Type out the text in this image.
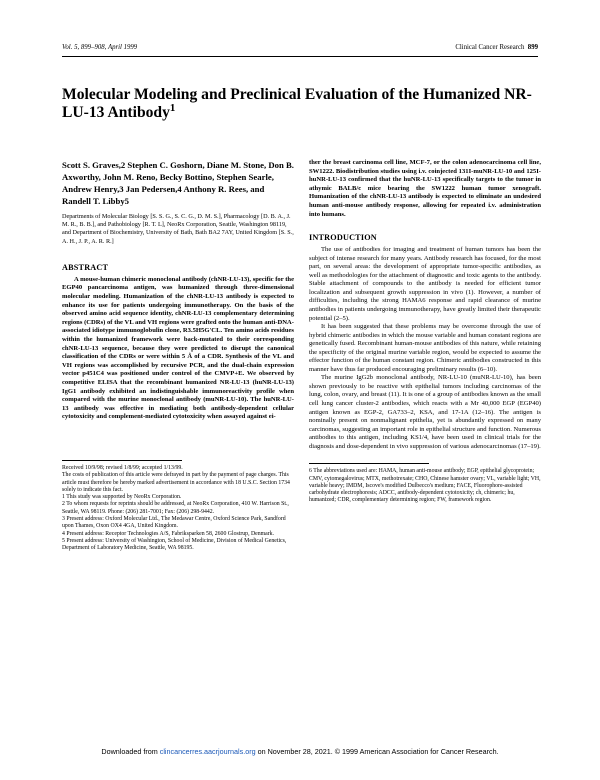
Vol. 5, 899–908, April 1999	Clinical Cancer Research 899
Molecular Modeling and Preclinical Evaluation of the Humanized NR-LU-13 Antibody$^1$

Scott S. Graves,2 Stephen C. Goshorn, Diane M. Stone, Don B. Axworthy, John M. Reno, Becky Bottino, Stephen Searle, Andrew Henry,3 Jan Pedersen,4 Anthony R. Rees, and Randell T. Libby5

Departments of Molecular Biology [S. S. G., S. C. G., D. M. S.], Pharmacology [D. B. A., J. M. R., B. B.], and Pathobiology [R. T. L], NeoRx Corporation, Seattle, Washington 98119, and Department of Biochemistry, University of Bath, Bath BA2 7AY, United Kingdom [S. S., A. H., J. P., A. R. R.]

ABSTRACT

A mouse-human chimeric monoclonal antibody (chNR-LU-13), specific for the EGP40 pancarcinoma antigen, was humanized through three-dimensional molecular modeling. Humanization of the chNR-LU-13 antibody is expected to enhance its use for patients undergoing immunotherapy. On the basis of the observed amino acid sequence identity, chNR-LU-13 complementary determining regions (CDRs) of the VL and VH regions were grafted onto the human anti-DNA-associated idiotype immunoglobulin clone, R3.5H5G'CL. Ten amino acids residues within the humanized framework were back-mutated to their corresponding chNR-LU-13 sequence, because they were predicted to disrupt the canonical classification of the CDRs or were within 5 Å of a CDR. Synthesis of the VL and VH regions was accomplished by recursive PCR, and the dual-chain expression vector p451C4 was positioned under control of the CMVP+E. We observed by competitive ELISA that the recombinant humanized NR-LU-13 (huNR-LU-13) IgG1 antibody exhibited an indistinguishable immunoreactivity profile when compared with the murine monoclonal antibody (muNR-LU-10). The huNR-LU-13 antibody was effective in mediating both antibody-dependent cellular cytotoxicity and complement-mediated cytotoxicity when assayed against ei-

Received 10/9/98; revised 1/8/99; accepted 1/13/99.

The costs of publication of this article were defrayed in part by the payment of page charges. This article must therefore be hereby marked advertisement in accordance with 18 U.S.C. Section 1734 solely to indicate this fact.

1 This study was supported by NeoRx Corporation.

2 To whom requests for reprints should be addressed, at NeoRx Corporation, 410 W. Harrison St., Seattle, WA 98119. Phone: (206) 281-7001; Fax: (206) 298-9442.

3 Present address: Oxford Molecular Ltd., The Medawar Centre, Oxford Science Park, Sandford upon Thames, Oxon OX4 4GA, United Kingdom.

4 Present address: Receptor Technologies A/S, Fabriksparken 58, 2600 Glostrup, Denmark.

5 Present address: University of Washington, School of Medicine, Division of Medical Genetics, Department of Laboratory Medicine, Seattle, WA 98195.

ther the breast carcinoma cell line, MCF-7, or the colon adenocarcinoma cell line, SW1222. Biodistribution studies using i.v. coinjected 131I-muNR-LU-10 and 125I-huNR-LU-13 confirmed that the huNR-LU-13 specifically targets to the tumor in athymic BALB/c mice bearing the SW1222 human tumor xenograft. Humanization of the chNR-LU-13 antibody is expected to eliminate an undesired human anti-mouse antibody response, allowing for repeated i.v. administration into humans.

INTRODUCTION

The use of antibodies for imaging and treatment of human tumors has been the subject of intense research for many years. Antibody research has focused, for the most part, on several areas: the development of appropriate tumor-specific antibodies, as well as methodologies for the attachment of diagnostic and toxic agents to the antibody. Stable attachment of compounds to the antibody is needed for efficient tumor localization and subsequent growth suppression in vivo (1). However, a number of difficulties, including the strong HAMA6 response and rapid clearance of murine antibodies in patients undergoing immunotherapy, have greatly limited their therapeutic potential (2–5).

It has been suggested that these problems may be overcome through the use of hybrid chimeric antibodies in which the mouse variable and human constant regions are genetically fused. Recombinant human-mouse antibodies of this nature, while retaining the specificity of the original murine variable region, would be expected to assume the effector function of the human constant region. Chimeric antibodies constructed in this manner have thus far produced encouraging preliminary results (6–10).

The murine IgG2b monoclonal antibody, NR-LU-10 (muNR-LU-10), has been shown previously to be reactive with epithelial tumors including carcinomas of the lung, colon, ovary, and breast (11). It is one of a group of antibodies known as the small cell lung cancer cluster-2 antibodies, which reacts with a Mr 40,000 EGP (EGP40) antigen known as EGP-2, GA733–2, KSA, and 17-1A (12–16). The antigen is nominally present on nonmalignant epithelia, yet is abundantly expressed on many carcinomas, suggesting an important role in epithelial structure and function. Numerous antibodies to this antigen, including KS1/4, have been used in clinical trials for the diagnosis and dose-dependent in vivo suppression of various adenocarcinomas (17–19).

6 The abbreviations used are: HAMA, human anti-mouse antibody; EGP, epithelial glycoprotein; CMV, cytomegalovirus; MTX, methotrexate; CHO, Chinese hamster ovary; VL, variable light; VH, variable heavy; IMDM, Iscove's modified Dulbecco's medium; FACE, Fluorophore-assisted carbohydrate electrophoresis; ADCC, antibody-dependent cytotoxicity; ch, chimeric; hu, humanized; CDR, complementary determining region; FW, framework region.

Downloaded from clincancerres.aacrjournals.org on November 28, 2021. © 1999 American Association for Cancer Research.
